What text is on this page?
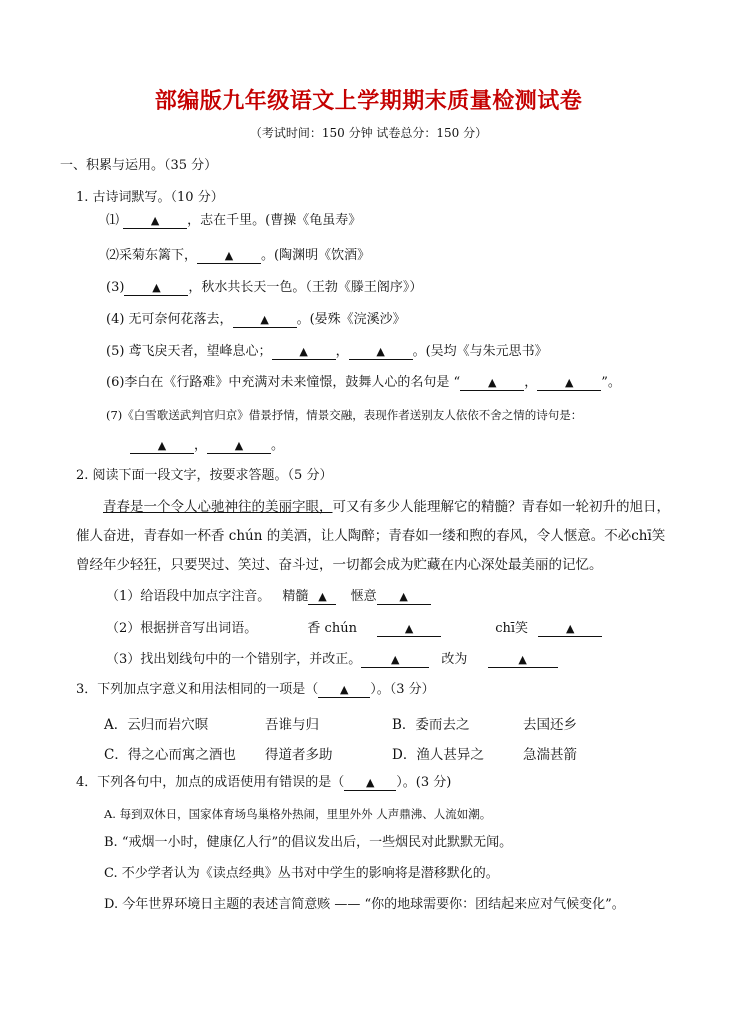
部编版九年级语文上学期期末质量检测试卷
（考试时间：150 分钟 试卷总分：150 分）
一、积累与运用。（35 分）
1. 古诗词默写。（10 分）
⑴	▲ ，志在千里。(曹操《龟虽寿》
⑵采菊东篱下，	▲ 。(陶渊明《饮酒》
(3)	▲ ，秋水共长天一色。（王勃《滕王阁序》）
(4) 无可奈何花落去，	▲ 。(晏殊《浣溪沙》
(5) 鸢飞戾天者，望峰息心；	▲ ，	▲ 。(吴均《与朱元思书》
(6)李白在《行路难》中充满对未来憧憬，鼓舞人心的名句是 “	▲ ，	▲ ”。
(7)《白雪歌送武判官归京》借景抒情，情景交融，表现作者送别友人依依不舍之情的诗句是：
▲ ，	▲ 。
2. 阅读下面一段文字，按要求答题。（5 分）
青春是一个令人心驰神往的美丽字眼，可又有多少人能理解它的精髓？青春如一轮初升的旭日，催人奋进，青春如一杯香 chún 的美酒，让人陶醉；青春如一缕和煦的春风，令人惬意。不必chī笑曾经年少轻狂，只要哭过、笑过、奋斗过，一切都会成为贮藏在内心深处最美丽的记忆。
（1）给语段中加点字注音。 精髓 ▲ 惬意 ▲
（2）根据拼音写出词语。	香 chún	▲	chī笑	▲
（3）找出划线句中的一个错别字，并改正。	▲	改为	▲
3．下列加点字意义和用法相同的一项是（ ▲ ）。（3 分）
A．云归而岩穴暝	吾谁与归	B．委而去之	去国还乡
C．得之心而寓之酒也 得道者多助	D．渔人甚异之	急湍甚箭
4．下列各句中，加点的成语使用有错误的是（ ▲ ）。(3 分)
A. 每到双休日，国家体育场鸟巢格外热闹，里里外外 人声鼎沸、人流如潮。
B. “戒烟一小时，健康亿人行”的倡议发出后，一些烟民对此默默无闻。
C. 不少学者认为《读点经典》丛书对中学生的影响将是潜移默化的。
D. 今年世界环境日主题的表述言简意赅 —— “你的地球需要你：团结起来应对气候变化”。
